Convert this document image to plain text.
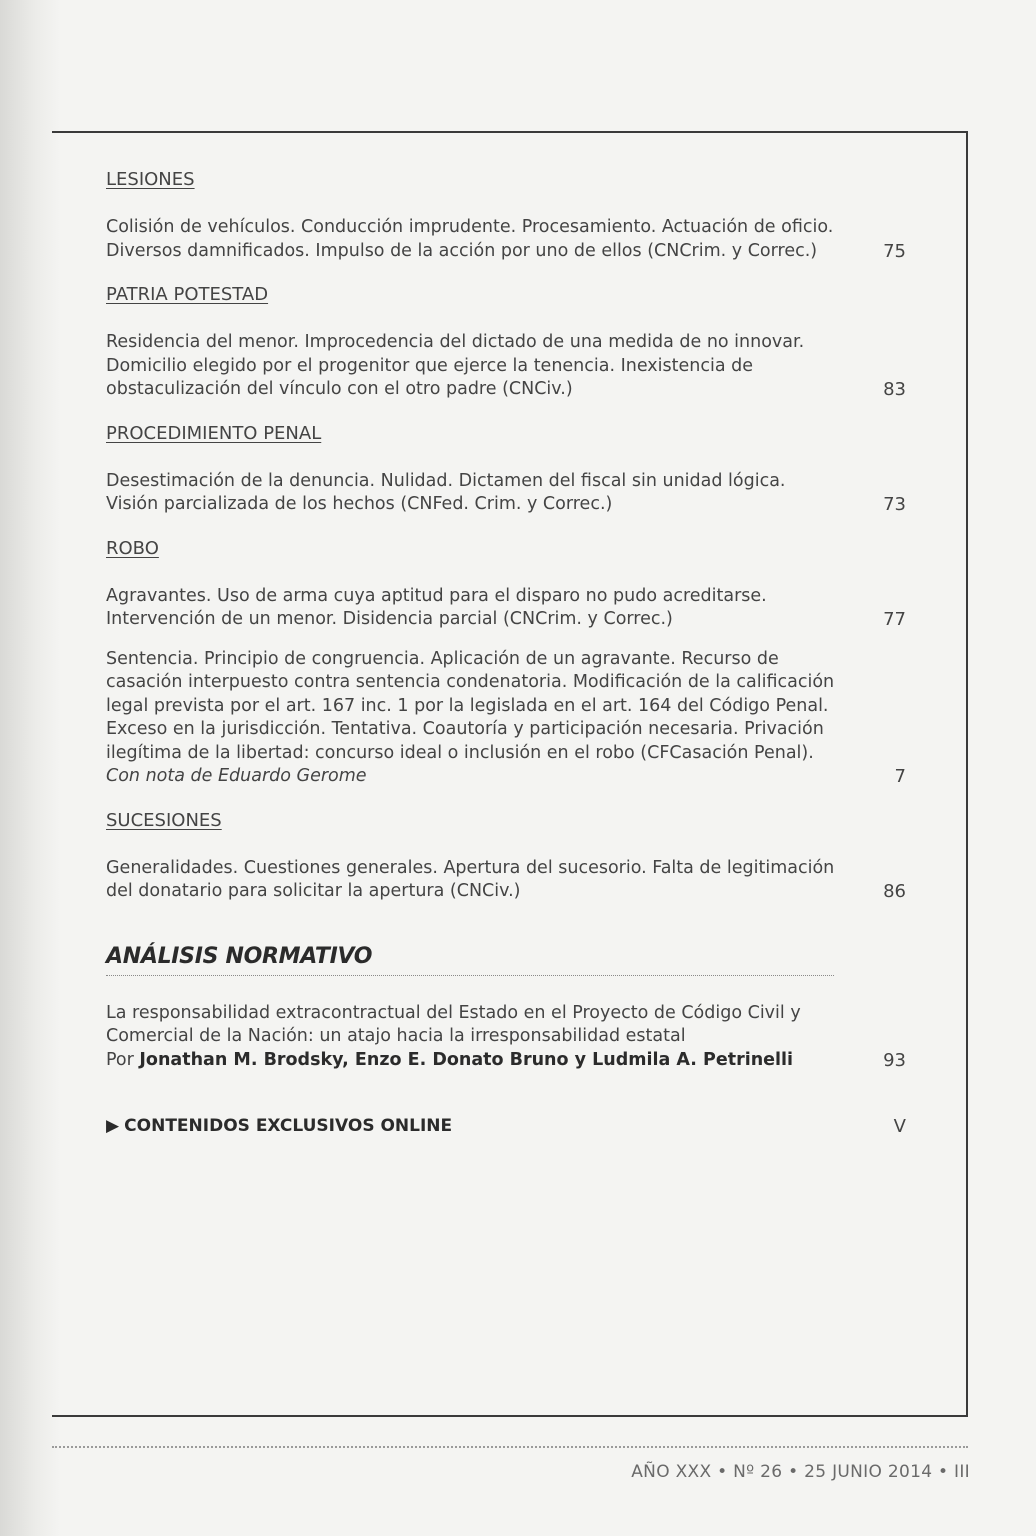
LESIONES

Colisión de vehículos. Conducción imprudente. Procesamiento. Actuación de oficio. Diversos damnificados. Impulso de la acción por uno de ellos (CNCrim. y Correc.)	75

PATRIA POTESTAD

Residencia del menor. Improcedencia del dictado de una medida de no innovar. Domicilio elegido por el progenitor que ejerce la tenencia. Inexistencia de obstaculización del vínculo con el otro padre (CNCiv.)	83

PROCEDIMIENTO PENAL

Desestimación de la denuncia. Nulidad. Dictamen del fiscal sin unidad lógica. Visión parcializada de los hechos (CNFed. Crim. y Correc.)	73

ROBO

Agravantes. Uso de arma cuya aptitud para el disparo no pudo acreditarse. Intervención de un menor. Disidencia parcial (CNCrim. y Correc.)	77
Sentencia. Principio de congruencia. Aplicación de un agravante. Recurso de casación interpuesto contra sentencia condenatoria. Modificación de la calificación legal prevista por el art. 167 inc. 1 por la legislada en el art. 164 del Código Penal. Exceso en la jurisdicción. Tentativa. Coautoría y participación necesaria. Privación ilegítima de la libertad: concurso ideal o inclusión en el robo (CFCasación Penal). Con nota de Eduardo Gerome	7

SUCESIONES

Generalidades. Cuestiones generales. Apertura del sucesorio. Falta de legitimación del donatario para solicitar la apertura (CNCiv.)	86

ANÁLISIS NORMATIVO

La responsabilidad extracontractual del Estado en el Proyecto de Código Civil y Comercial de la Nación: un atajo hacia la irresponsabilidad estatal
Por Jonathan M. Brodsky, Enzo E. Donato Bruno y Ludmila A. Petrinelli	93
▶ CONTENIDOS EXCLUSIVOS ONLINE	V
AÑO XXX • Nº 26 • 25 JUNIO 2014 • III
